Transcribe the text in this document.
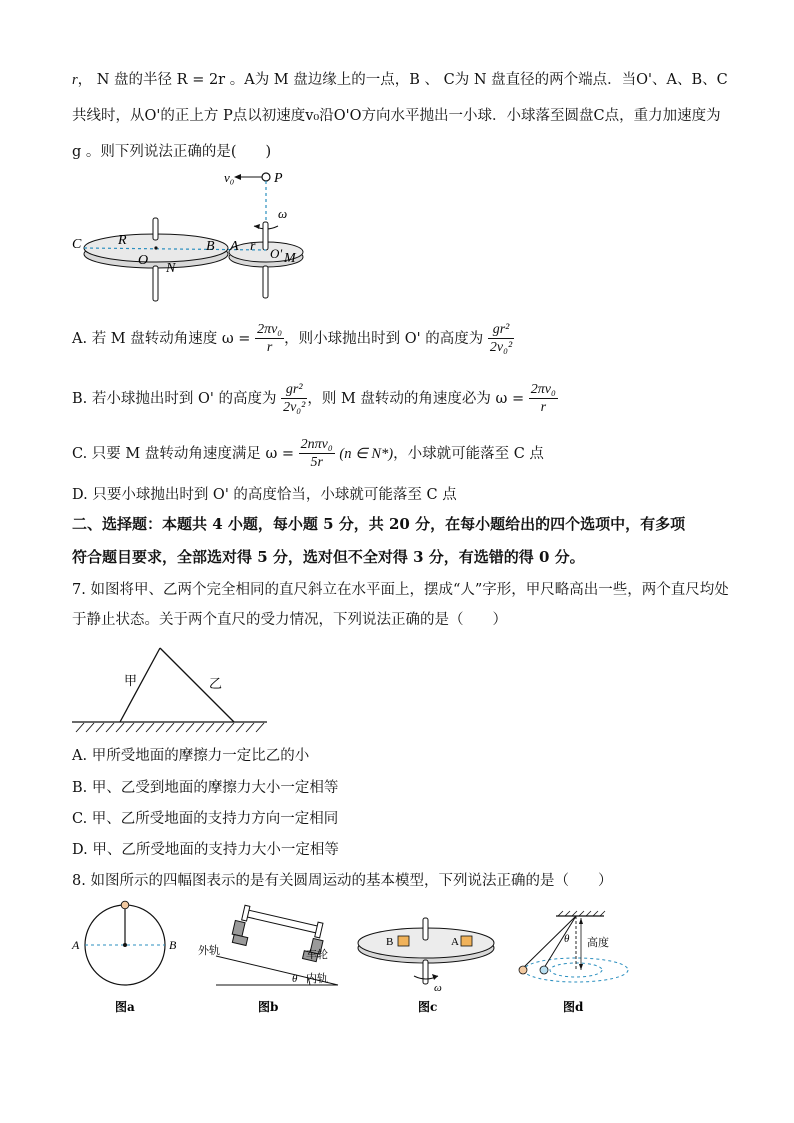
r， N 盘的半径 R = 2r 。A为 M 盘边缘上的一点，B 、 C为 N 盘直径的两个端点．当O'、A、B、C
共线时，从O'的正上方 P点以初速度v₀沿O'O方向水平抛出一小球．小球落至圆盘C点，重力加速度为
g 。则下列说法正确的是(　　)
v₀	P
ω
C	R	B A r
O	O' M
N
A. 若 M 盘转动角速度 $\omega = \frac{\text{2πv₀}}{r}$ ，则小球抛出时到 O' 的高度为 $\frac{\text{gr²}}{\text{2v₀²}}$
B. 若小球抛出时到 O' 的高度为 $\frac{\text{gr²}}{\text{2v₀²}}$ ，则 M 盘转动的角速度必为 $\omega = \frac{\text{2πv₀}}{r}$
C. 只要 M 盘转动角速度满足 $\omega = \frac{\text{2nπv₀}}{5r} (n$ ∈ N*)，小球就可能落至 C 点
D. 只要小球抛出时到 O' 的高度恰当，小球就可能落至 C 点
二、选择题：本题共 4 小题，每小题 5 分，共 20 分，在每小题给出的四个选项中，有多项
符合题目要求，全部选对得 5 分，选对但不全对得 3 分，有选错的得 0 分。
7. 如图将甲、乙两个完全相同的直尺斜立在水平面上，摆成“人”字形，甲尺略高出一些，两个直尺均处
于静止状态。关于两个直尺的受力情况，下列说法正确的是（　　）
甲	乙
A. 甲所受地面的摩擦力一定比乙的小
B. 甲、乙受到地面的摩擦力大小一定相等
C. 甲、乙所受地面的支持力方向一定相同
D. 甲、乙所受地面的支持力大小一定相等
8. 如图所示的四幅图表示的是有关圆周运动的基本模型，下列说法正确的是（　　）
A	B
图a
外轨	车轮
内轨
θ
图b
B	A
ω
图c
θ 高度
图d
